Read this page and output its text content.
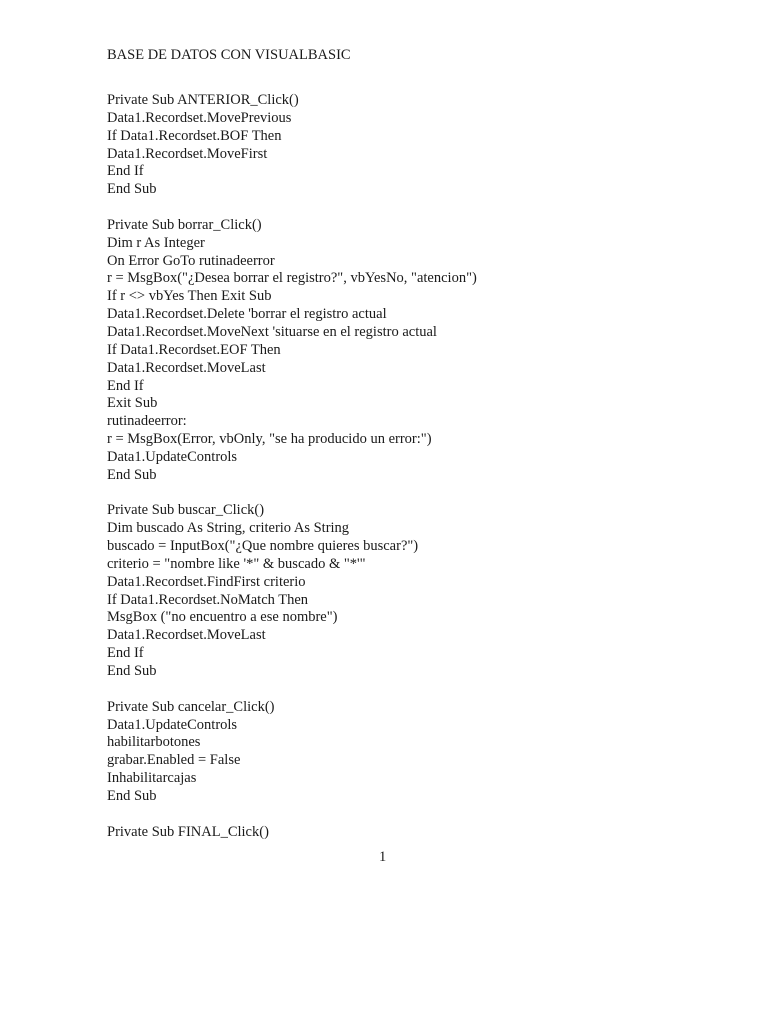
BASE DE DATOS CON VISUALBASIC
Private Sub ANTERIOR_Click()
Data1.Recordset.MovePrevious
If Data1.Recordset.BOF Then
Data1.Recordset.MoveFirst
End If
End Sub
Private Sub borrar_Click()
Dim r As Integer
On Error GoTo rutinadeerror
r = MsgBox("¿Desea borrar el registro?", vbYesNo, "atencion")
If r <> vbYes Then Exit Sub
Data1.Recordset.Delete 'borrar el registro actual
Data1.Recordset.MoveNext 'situarse en el registro actual
If Data1.Recordset.EOF Then
Data1.Recordset.MoveLast
End If
Exit Sub
rutinadeerror:
r = MsgBox(Error, vbOnly, "se ha producido un error:")
Data1.UpdateControls
End Sub
Private Sub buscar_Click()
Dim buscado As String, criterio As String
buscado = InputBox("¿Que nombre quieres buscar?")
criterio = "nombre like '*" & buscado & "*'"
Data1.Recordset.FindFirst criterio
If Data1.Recordset.NoMatch Then
MsgBox ("no encuentro a ese nombre")
Data1.Recordset.MoveLast
End If
End Sub
Private Sub cancelar_Click()
Data1.UpdateControls
habilitarbotones
grabar.Enabled = False
Inhabilitarcajas
End Sub
Private Sub FINAL_Click()
1
